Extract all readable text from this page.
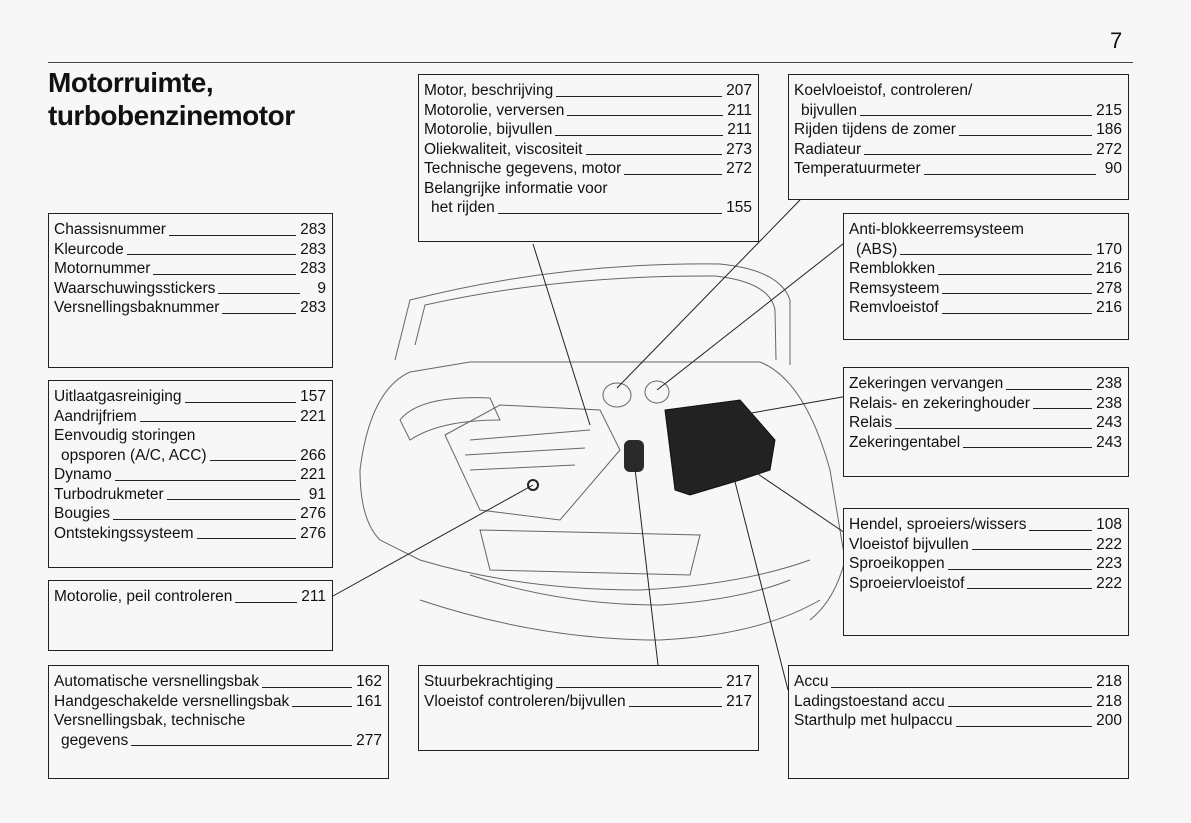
7
Motorruimte,
turbobenzinemotor
Chassisnummer	283
Kleurcode	283
Motornummer	283
Waarschuwingsstickers	9
Versnellingsbaknummer	283
Uitlaatgasreiniging	157
Aandrijfriem	221
Eenvoudig storingen
opsporen (A/C, ACC)	266
Dynamo	221
Turbodrukmeter	91
Bougies	276
Ontstekingssysteem	276
Motorolie, peil controleren	211
Automatische versnellingsbak	162
Handgeschakelde versnellingsbak	161
Versnellingsbak, technische
gegevens	277
Motor, beschrijving	207
Motorolie, verversen	211
Motorolie, bijvullen	211
Oliekwaliteit, viscositeit	273
Technische gegevens, motor	272
Belangrijke informatie voor
het rijden	155
Stuurbekrachtiging	217
Vloeistof controleren/bijvullen	217
Koelvloeistof, controleren/
bijvullen	215
Rijden tijdens de zomer	186
Radiateur	272
Temperatuurmeter	90
Anti-blokkeerremsysteem
(ABS)	170
Remblokken	216
Remsysteem	278
Remvloeistof	216
Zekeringen vervangen	238
Relais- en zekeringhouder	238
Relais	243
Zekeringentabel	243
Hendel, sproeiers/wissers	108
Vloeistof bijvullen	222
Sproeikoppen	223
Sproeiervloeistof	222
Accu	218
Ladingstoestand accu	218
Starthulp met hulpaccu	200
